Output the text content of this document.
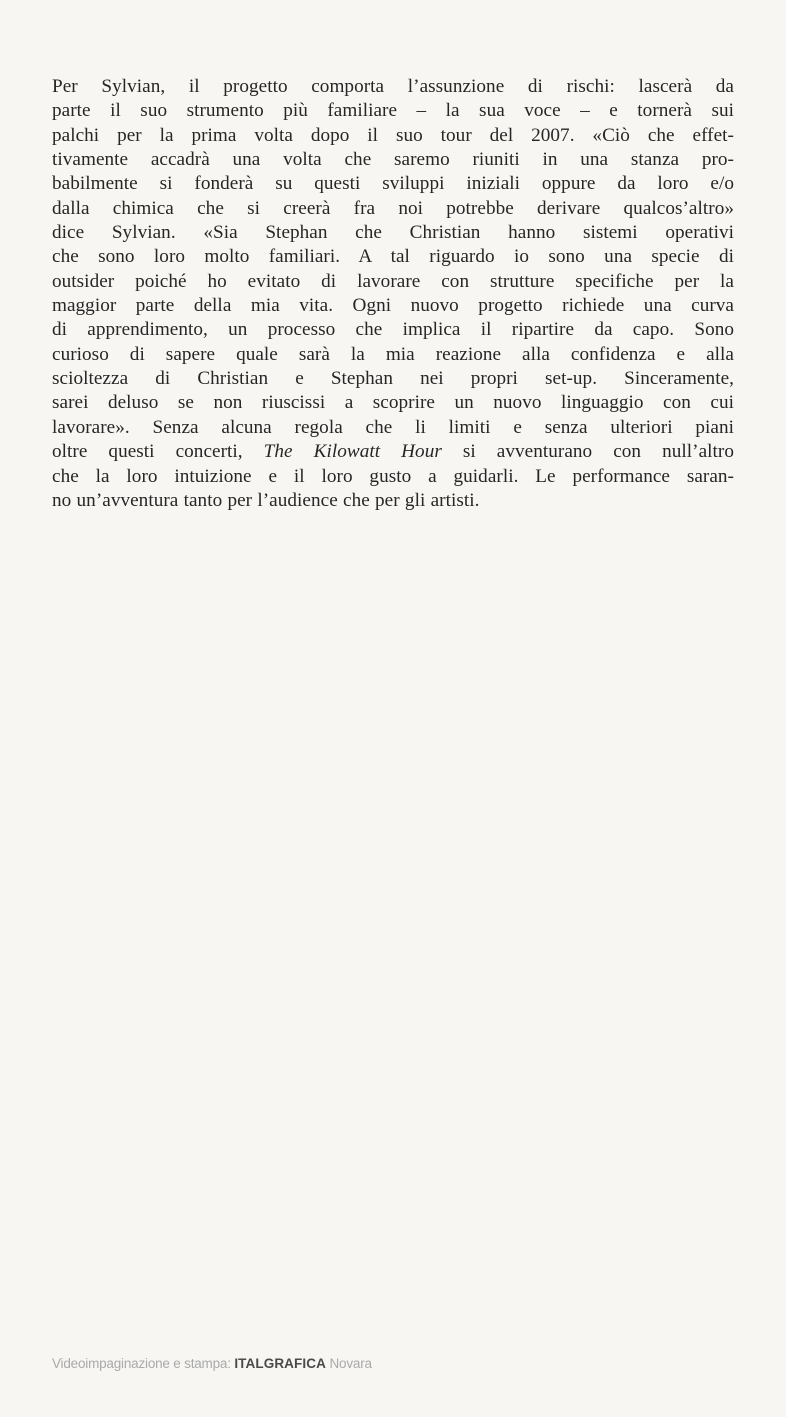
Per Sylvian, il progetto comporta l’assunzione di rischi: lascerà da
parte il suo strumento più familiare – la sua voce – e tornerà sui
palchi per la prima volta dopo il suo tour del 2007. «Ciò che effet-
tivamente accadrà una volta che saremo riuniti in una stanza pro-
babilmente si fonderà su questi sviluppi iniziali oppure da loro e/o
dalla chimica che si creerà fra noi potrebbe derivare qualcos’altro»
dice Sylvian. «Sia Stephan che Christian hanno sistemi operativi
che sono loro molto familiari. A tal riguardo io sono una specie di
outsider poiché ho evitato di lavorare con strutture specifiche per la
maggior parte della mia vita. Ogni nuovo progetto richiede una curva
di apprendimento, un processo che implica il ripartire da capo. Sono
curioso di sapere quale sarà la mia reazione alla confidenza e alla
scioltezza di Christian e Stephan nei propri set-up. Sinceramente,
sarei deluso se non riuscissi a scoprire un nuovo linguaggio con cui
lavorare». Senza alcuna regola che li limiti e senza ulteriori piani
oltre questi concerti, The Kilowatt Hour si avventurano con null’altro
che la loro intuizione e il loro gusto a guidarli. Le performance saran-
no un’avventura tanto per l’audience che per gli artisti.
Videoimpaginazione e stampa: ITALGRAFICA Novara
